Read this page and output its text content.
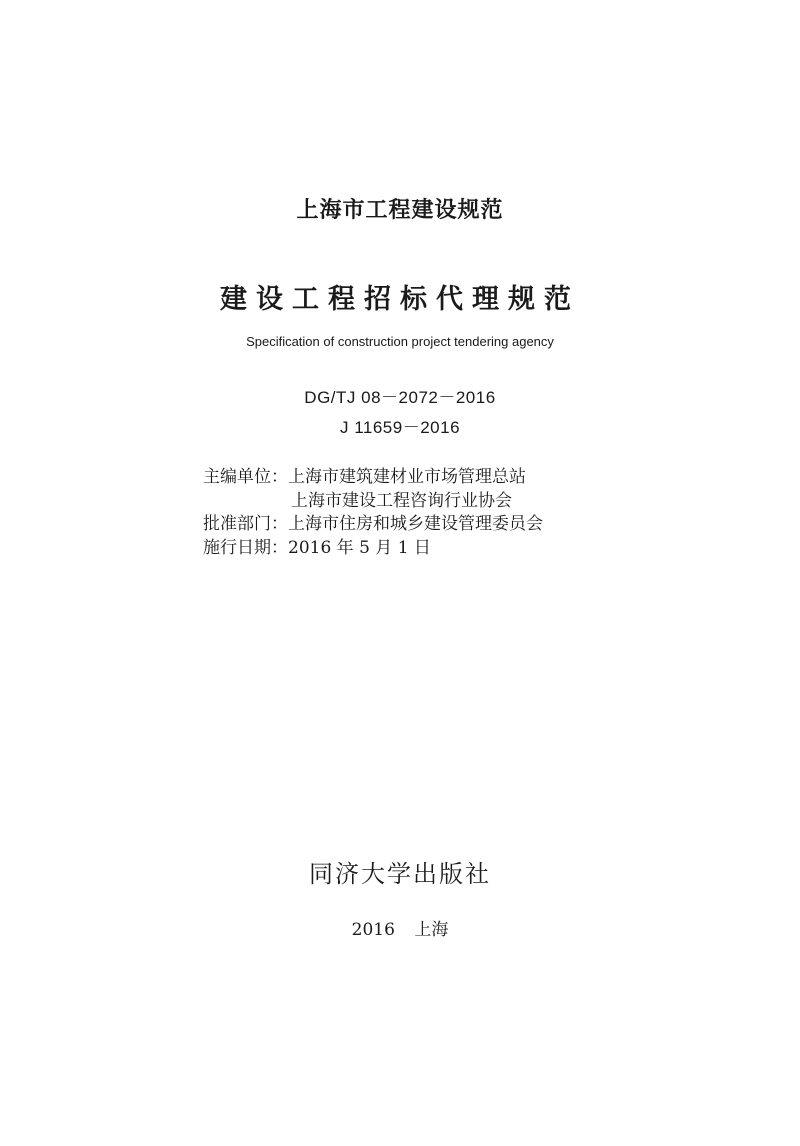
上海市工程建设规范
建设工程招标代理规范
Specification of construction project tendering agency
DG/TJ 08－2072－2016
J 11659－2016
主编单位：上海市建筑建材业市场管理总站
上海市建设工程咨询行业协会
批准部门：上海市住房和城乡建设管理委员会
施行日期：2016 年 5 月 1 日
同济大学出版社
2016 上海
